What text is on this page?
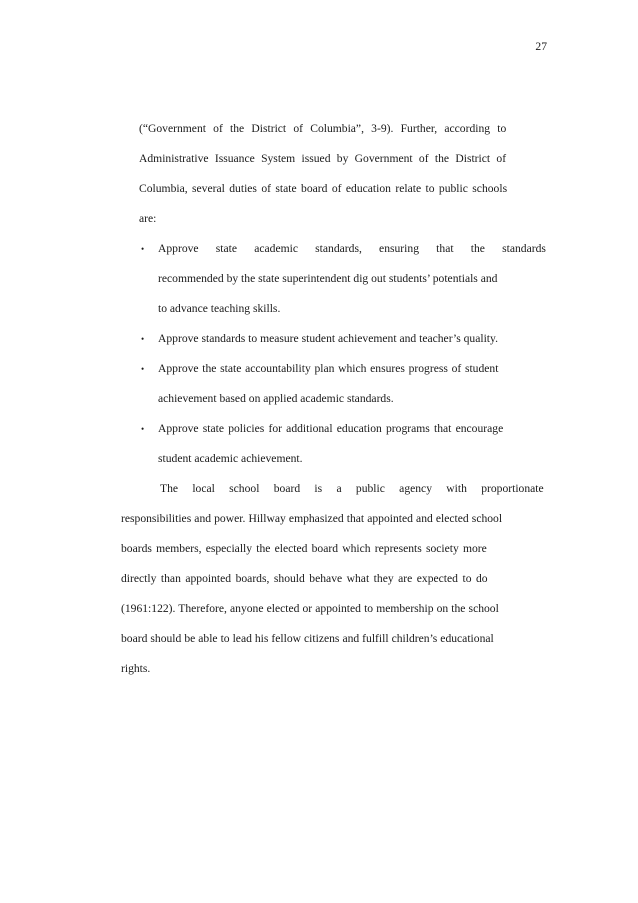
27
(“Government of the District of Columbia”, 3-9). Further, according to
Administrative Issuance System issued by Government of the District of
Columbia, several duties of state board of education relate to public schools
are:
• Approve state academic standards, ensuring that the standards
recommended by the state superintendent dig out students’ potentials and
to advance teaching skills.
• Approve standards to measure student achievement and teacher’s quality.
• Approve the state accountability plan which ensures progress of student
achievement based on applied academic standards.
• Approve state policies for additional education programs that encourage
student academic achievement.
The local school board is a public agency with proportionate
responsibilities and power. Hillway emphasized that appointed and elected school
boards members, especially the elected board which represents society more
directly than appointed boards, should behave what they are expected to do
(1961:122). Therefore, anyone elected or appointed to membership on the school
board should be able to lead his fellow citizens and fulfill children’s educational
rights.
